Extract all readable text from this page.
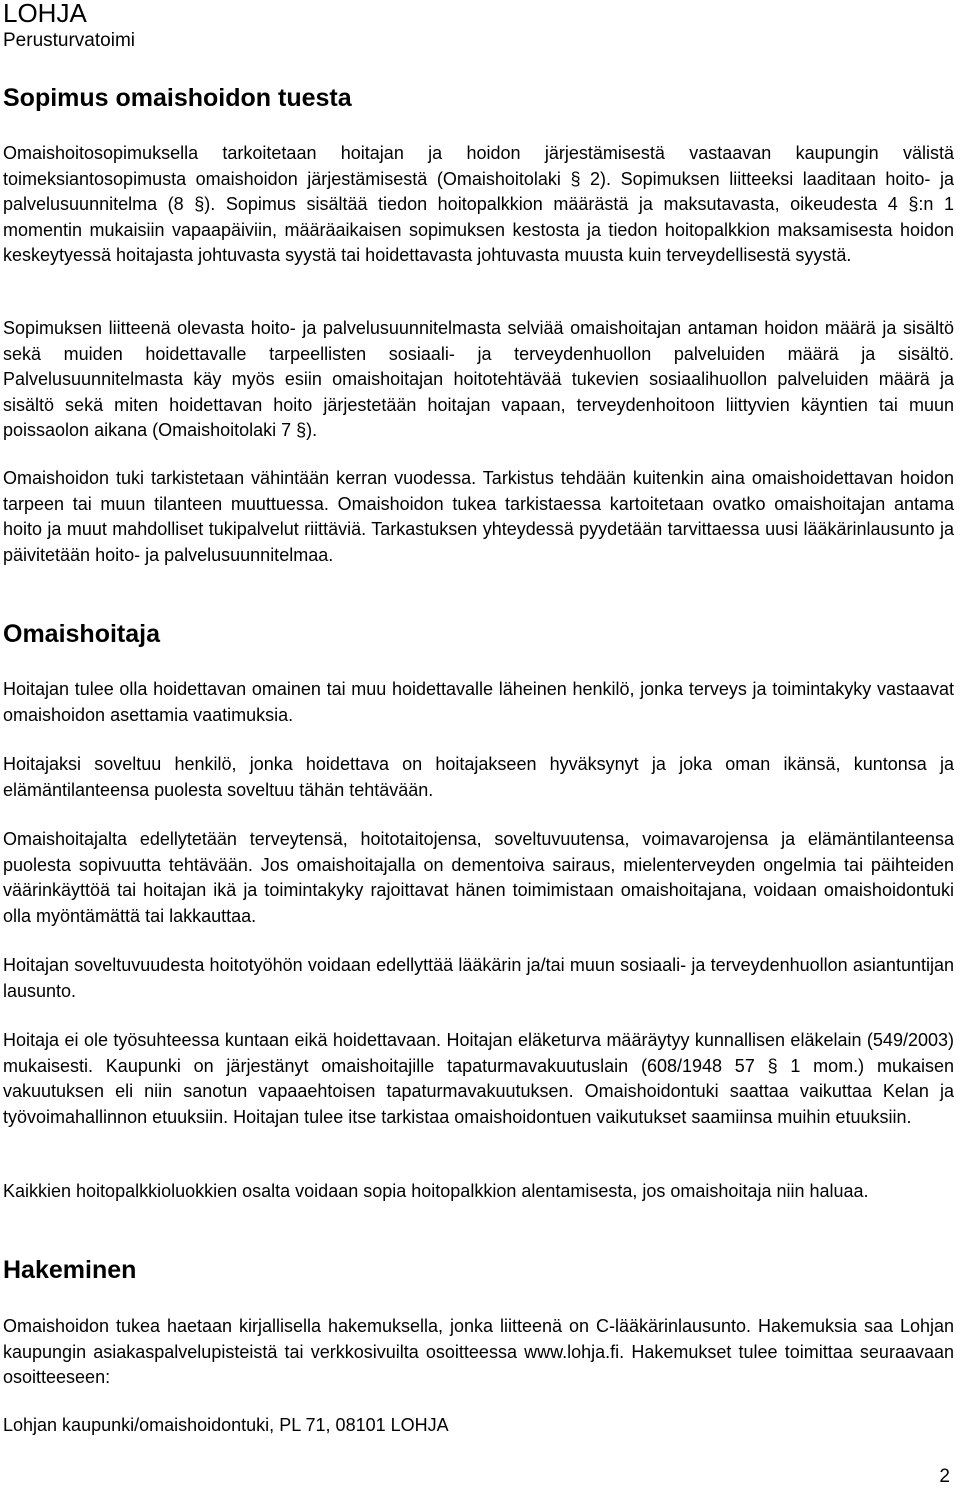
LOHJA
Perusturvatoimi
Sopimus omaishoidon tuesta

Omaishoitosopimuksella tarkoitetaan hoitajan ja hoidon järjestämisestä vastaavan kaupungin välistä toimeksiantosopimusta omaishoidon järjestämisestä (Omaishoitolaki § 2). Sopimuksen liitteeksi laaditaan hoito- ja palvelusuunnitelma (8 §). Sopimus sisältää tiedon hoitopalkkion määrästä ja maksutavasta, oikeudesta 4 §:n 1 momentin mukaisiin vapaapäiviin, määräaikaisen sopimuksen kestosta ja tiedon hoitopalkkion maksamisesta hoidon keskeytyessä hoitajasta johtuvasta syystä tai hoidettavasta johtuvasta muusta kuin terveydellisestä syystä.

Sopimuksen liitteenä olevasta hoito- ja palvelusuunnitelmasta selviää omaishoitajan antaman hoidon määrä ja sisältö sekä muiden hoidettavalle tarpeellisten sosiaali- ja terveydenhuollon palveluiden määrä ja sisältö. Palvelusuunnitelmasta käy myös esiin omaishoitajan hoitotehtävää tukevien sosiaalihuollon palveluiden määrä ja sisältö sekä miten hoidettavan hoito järjestetään hoitajan vapaan, terveydenhoitoon liittyvien käyntien tai muun poissaolon aikana (Omaishoitolaki 7 §).

Omaishoidon tuki tarkistetaan vähintään kerran vuodessa. Tarkistus tehdään kuitenkin aina omaishoidettavan hoidon tarpeen tai muun tilanteen muuttuessa. Omaishoidon tukea tarkistaessa kartoitetaan ovatko omaishoitajan antama hoito ja muut mahdolliset tukipalvelut riittäviä. Tarkastuksen yhteydessä pyydetään tarvittaessa uusi lääkärinlausunto ja päivitetään hoito- ja palvelusuunnitelmaa.

Omaishoitaja

Hoitajan tulee olla hoidettavan omainen tai muu hoidettavalle läheinen henkilö, jonka terveys ja toimintakyky vastaavat omaishoidon asettamia vaatimuksia.

Hoitajaksi soveltuu henkilö, jonka hoidettava on hoitajakseen hyväksynyt ja joka oman ikänsä, kuntonsa ja elämäntilanteensa puolesta soveltuu tähän tehtävään.

Omaishoitajalta edellytetään terveytensä, hoitotaitojensa, soveltuvuutensa, voimavarojensa ja elämäntilanteensa puolesta sopivuutta tehtävään. Jos omaishoitajalla on dementoiva sairaus, mielenterveyden ongelmia tai päihteiden väärinkäyttöä tai hoitajan ikä ja toimintakyky rajoittavat hänen toimimistaan omaishoitajana, voidaan omaishoidontuki olla myöntämättä tai lakkauttaa.

Hoitajan soveltuvuudesta hoitotyöhön voidaan edellyttää lääkärin ja/tai muun sosiaali- ja terveydenhuollon asiantuntijan lausunto.

Hoitaja ei ole työsuhteessa kuntaan eikä hoidettavaan. Hoitajan eläketurva määräytyy kunnallisen eläkelain (549/2003) mukaisesti. Kaupunki on järjestänyt omaishoitajille tapaturmavakuutuslain (608/1948 57 § 1 mom.) mukaisen vakuutuksen eli niin sanotun vapaaehtoisen tapaturmavakuutuksen. Omaishoidontuki saattaa vaikuttaa Kelan ja työvoimahallinnon etuuksiin. Hoitajan tulee itse tarkistaa omaishoidontuen vaikutukset saamiinsa muihin etuuksiin.

Kaikkien hoitopalkkioluokkien osalta voidaan sopia hoitopalkkion alentamisesta, jos omaishoitaja niin haluaa.

Hakeminen

Omaishoidon tukea haetaan kirjallisella hakemuksella, jonka liitteenä on C-lääkärinlausunto. Hakemuksia saa Lohjan kaupungin asiakaspalvelupisteistä tai verkkosivuilta osoitteessa www.lohja.fi. Hakemukset tulee toimittaa seuraavaan osoitteeseen:

Lohjan kaupunki/omaishoidontuki, PL 71, 08101 LOHJA

2
